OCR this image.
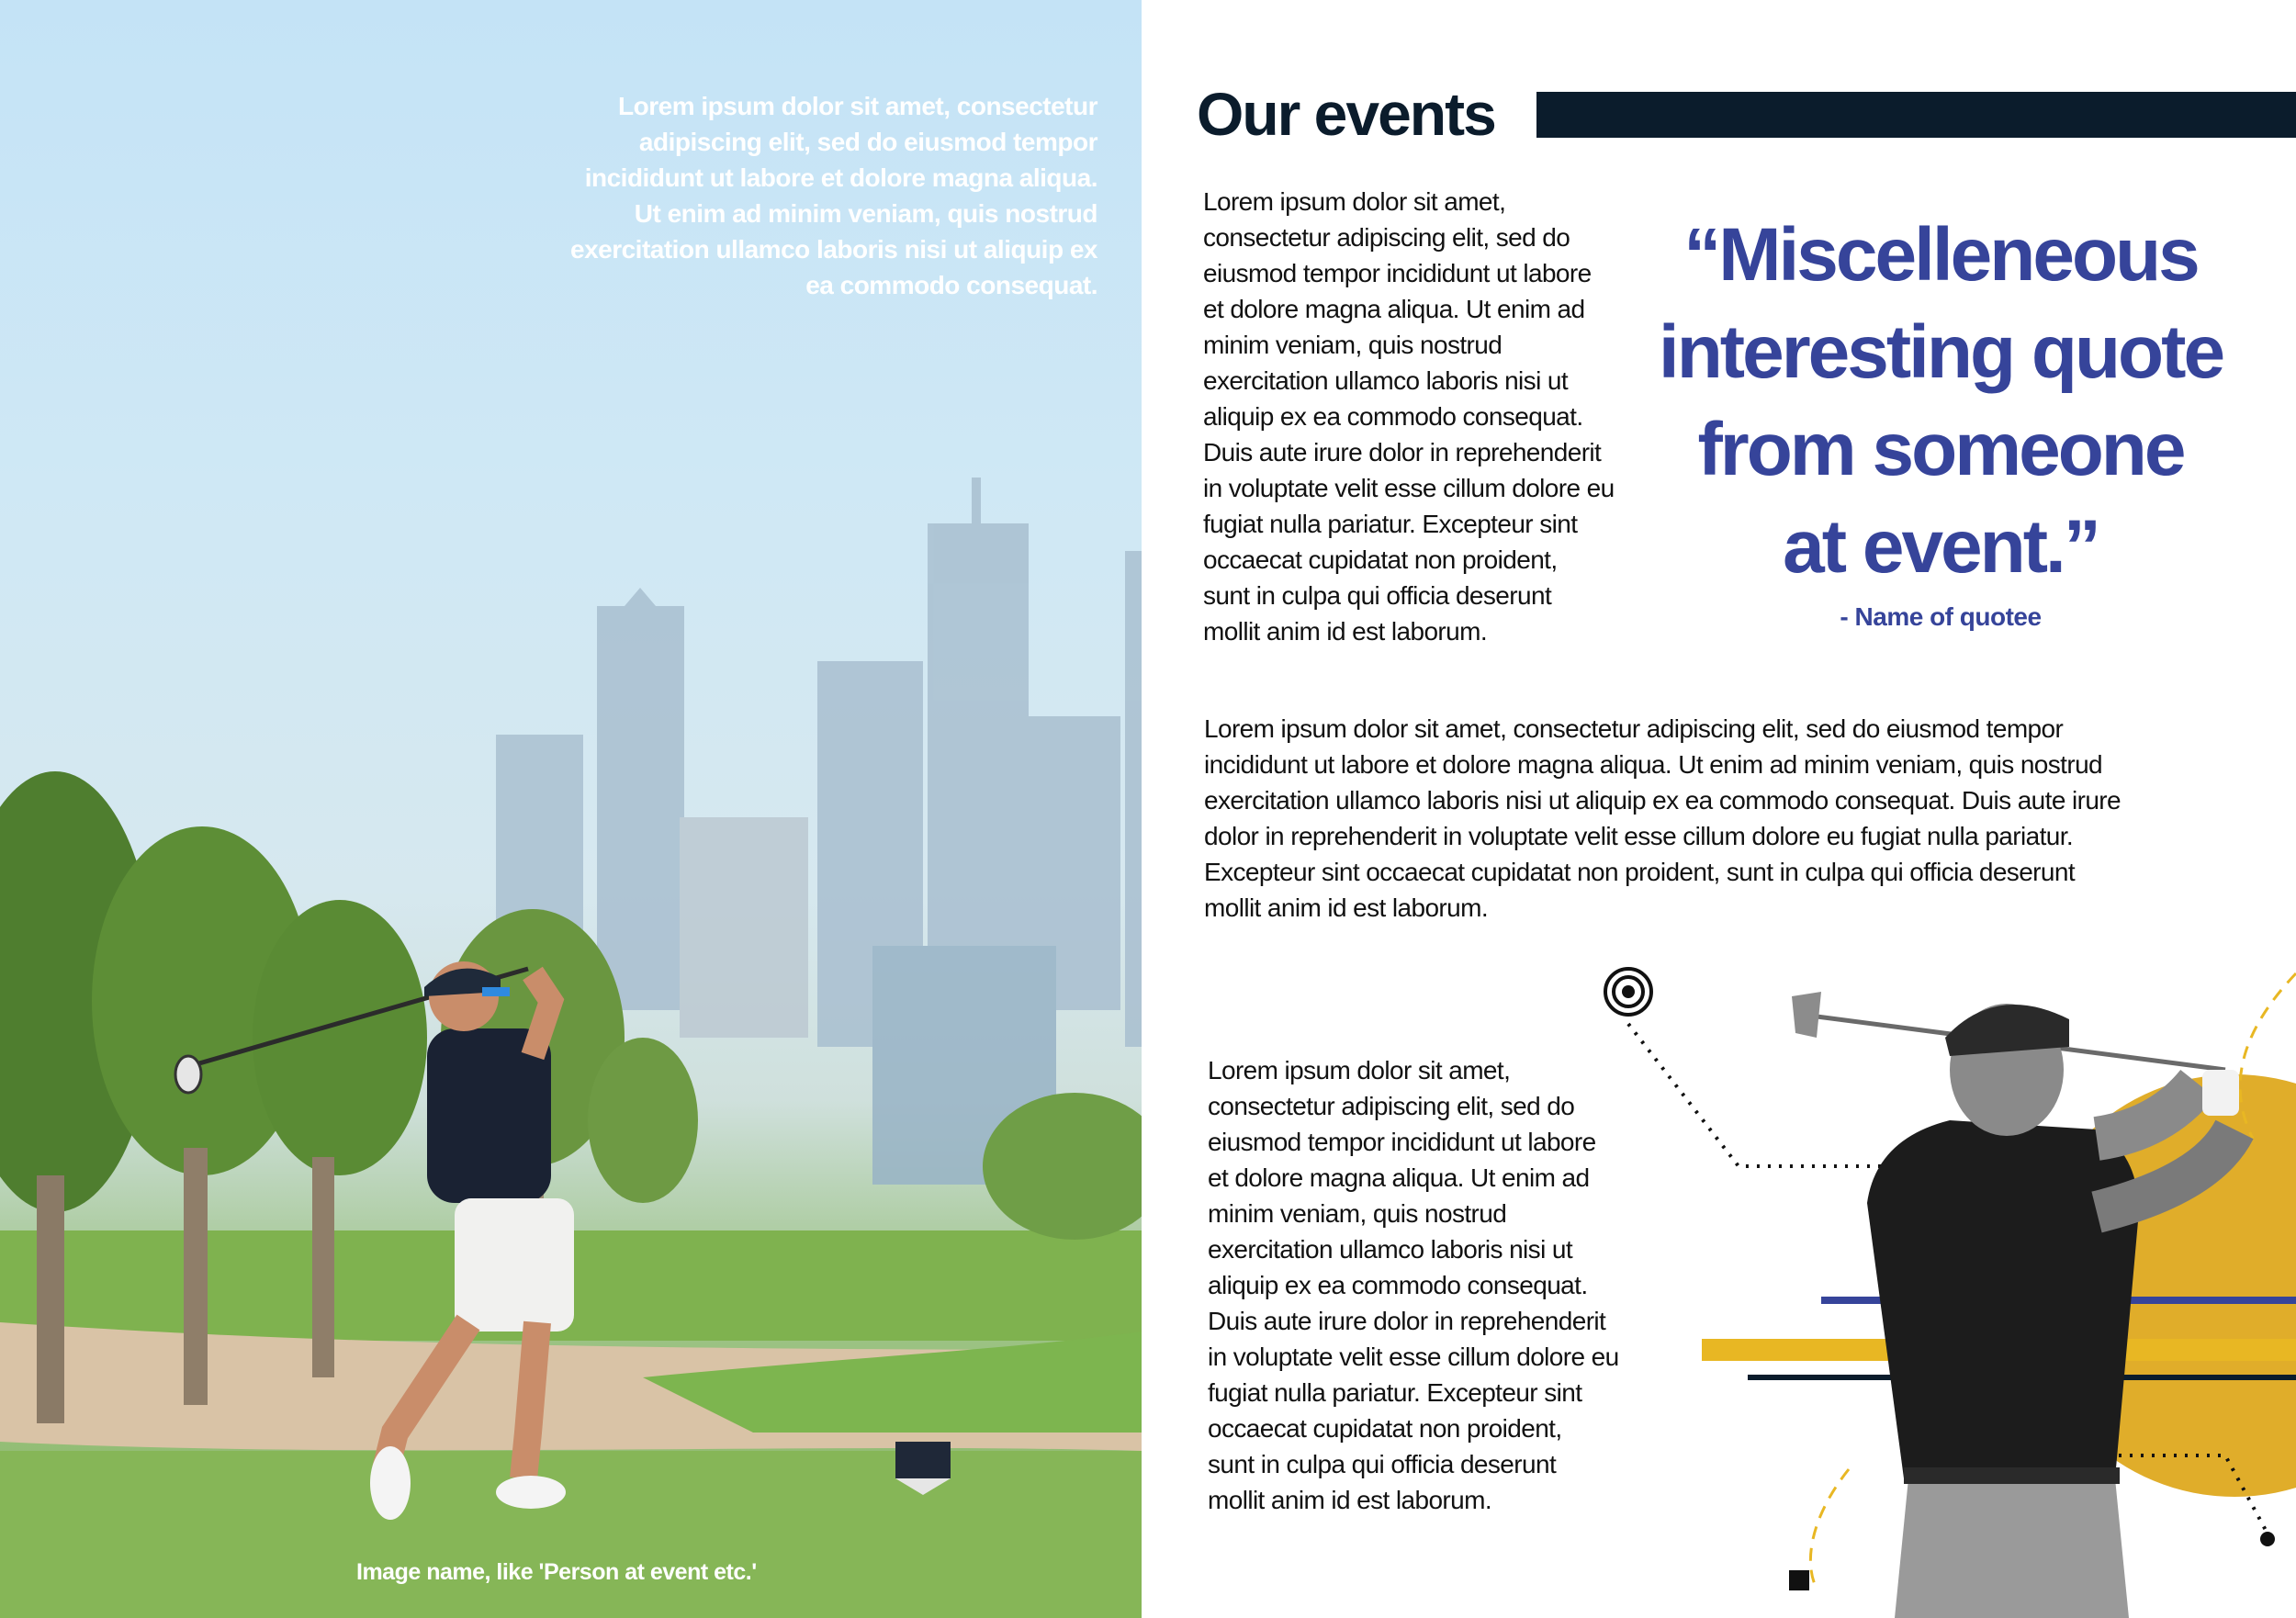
Lorem ipsum dolor sit amet, consectetur
adipiscing elit, sed do eiusmod tempor
incididunt ut labore et dolore magna aliqua.
Ut enim ad minim veniam, quis nostrud
exercitation ullamco laboris nisi ut aliquip ex
ea commodo consequat.
Image name, like 'Person at event etc.'
Our events
Lorem ipsum dolor sit amet,
consectetur adipiscing elit, sed do
eiusmod tempor incididunt ut labore
et dolore magna aliqua. Ut enim ad
minim veniam, quis nostrud
exercitation ullamco laboris nisi ut
aliquip ex ea commodo consequat.
Duis aute irure dolor in reprehenderit
in voluptate velit esse cillum dolore eu
fugiat nulla pariatur. Excepteur sint
occaecat cupidatat non proident,
sunt in culpa qui officia deserunt
mollit anim id est laborum.
“Miscelleneous
interesting quote
from someone
at event.”
- Name of quotee
Lorem ipsum dolor sit amet, consectetur adipiscing elit, sed do eiusmod tempor
incididunt ut labore et dolore magna aliqua. Ut enim ad minim veniam, quis nostrud
exercitation ullamco laboris nisi ut aliquip ex ea commodo consequat. Duis aute irure
dolor in reprehenderit in voluptate velit esse cillum dolore eu fugiat nulla pariatur.
Excepteur sint occaecat cupidatat non proident, sunt in culpa qui officia deserunt
mollit anim id est laborum.
Lorem ipsum dolor sit amet,
consectetur adipiscing elit, sed do
eiusmod tempor incididunt ut labore
et dolore magna aliqua. Ut enim ad
minim veniam, quis nostrud
exercitation ullamco laboris nisi ut
aliquip ex ea commodo consequat.
Duis aute irure dolor in reprehenderit
in voluptate velit esse cillum dolore eu
fugiat nulla pariatur. Excepteur sint
occaecat cupidatat non proident,
sunt in culpa qui officia deserunt
mollit anim id est laborum.
